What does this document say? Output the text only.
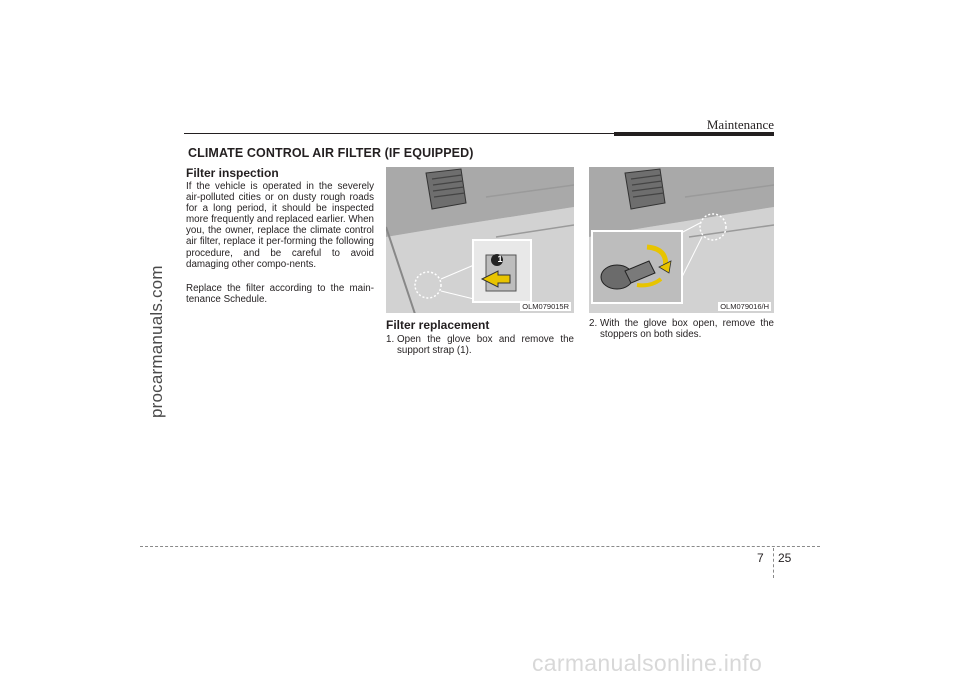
procarmanuals.com
Maintenance
CLIMATE CONTROL AIR FILTER (IF EQUIPPED)
Filter inspection
If the vehicle is operated in the severely air-polluted cities or on dusty rough roads for a long period, it should be inspected more frequently and replaced earlier. When you, the owner, replace the climate control air filter, replace it per-forming the following procedure, and be careful to avoid damaging other compo-nents.
Replace the filter according to the main-tenance Schedule.
1
OLM079015R	OLM079016/H
Filter replacement
1. Open the glove box and remove the support strap (1).
2. With the glove box open, remove the stoppers on both sides.
7 25
carmanualsonline.info
